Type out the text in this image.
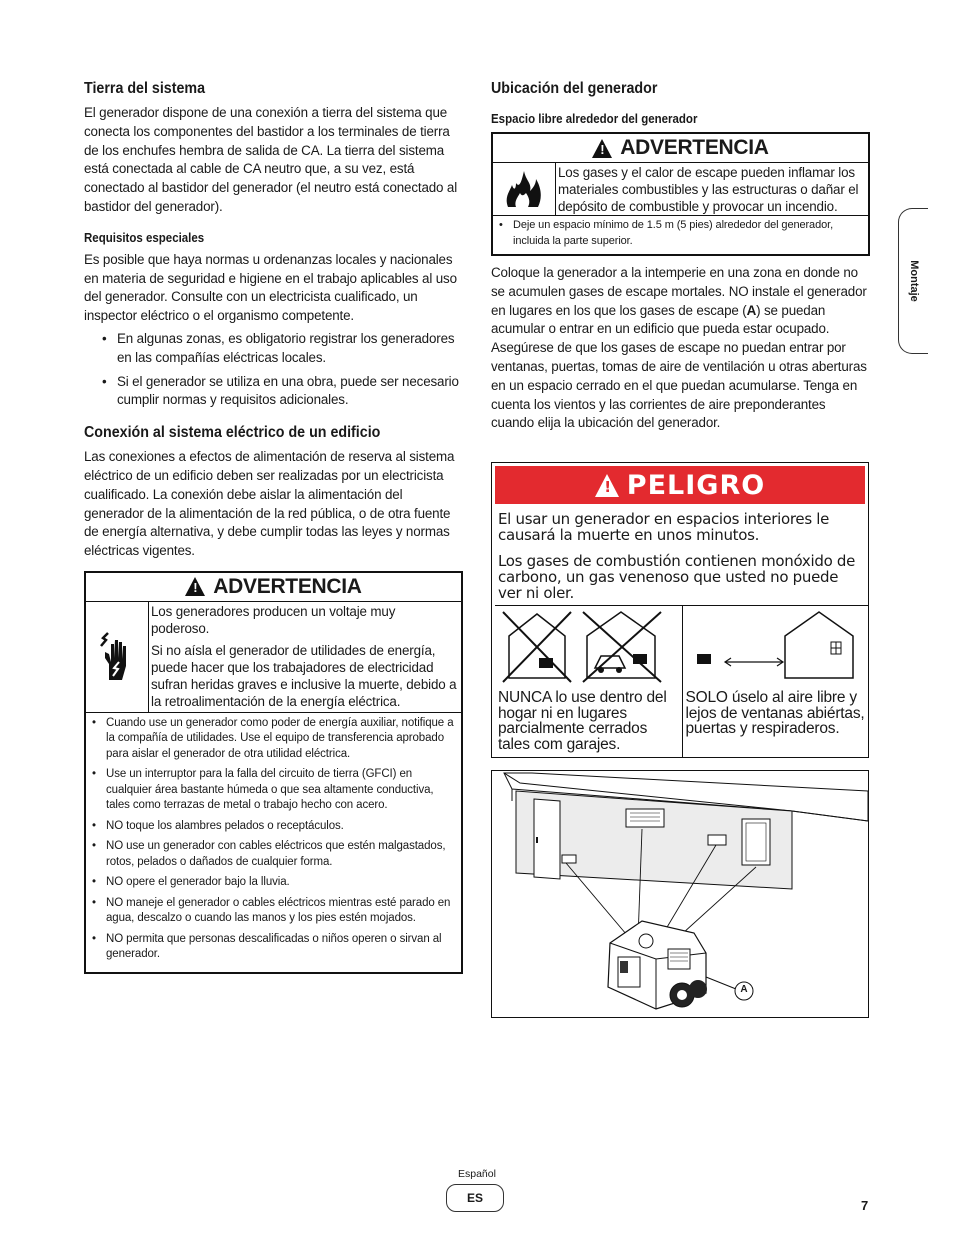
Tierra del sistema

El generador dispone de una conexión a tierra del sistema que conecta los componentes del bastidor a los terminales de tierra de los enchufes hembra de salida de CA. La tierra del sistema está conectada al cable de CA neutro que, a su vez, está conectado al bastidor del generador (el neutro está conectado al bastidor del generador).

Requisitos especiales

Es posible que haya normas u ordenanzas locales y nacionales en materia de seguridad e higiene en el trabajo aplicables al uso del generador. Consulte con un electricista cualificado, un inspector eléctrico o el organismo competente.

• En algunas zonas, es obligatorio registrar los generadores en las compañías eléctricas locales.
• Si el generador se utiliza en una obra, puede ser necesario cumplir normas y requisitos adicionales.
Conexión al sistema eléctrico de un edificio

Las conexiones a efectos de alimentación de reserva al sistema eléctrico de un edificio deben ser realizadas por un electricista cualificado. La conexión debe aislar la alimentación del generador de la alimentación de la red pública, o de otra fuente de energía alternativa, y debe cumplir todas las leyes y normas eléctricas vigentes.

! ADVERTENCIA
Los generadores producen un voltaje muy poderoso.
Si no aísla el generador de utilidades de energía, puede hacer que los trabajadores de electricidad sufran heridas graves e inclusive la muerte, debido a la retroalimentación de la energía eléctrica.
• Cuando use un generador como poder de energía auxiliar, notifique a la compañía de utilidades. Use el equipo de transferencia aprobado para aislar el generador de otra utilidad eléctrica.
• Use un interruptor para la falla del circuito de tierra (GFCI) en cualquier área bastante húmeda o que sea altamente conductiva, tales como terrazas de metal o trabajo hecho con acero.
• NO toque los alambres pelados o receptáculos.
• NO use un generador con cables eléctricos que estén malgastados, rotos, pelados o dañados de cualquier forma.
• NO opere el generador bajo la lluvia.
• NO maneje el generador o cables eléctricos mientras esté parado en agua, descalzo o cuando las manos y los pies estén mojados.
• NO permita que personas descalificadas o niños operen o sirvan al generador.
Ubicación del generador
Espacio libre alrededor del generador
! ADVERTENCIA
Los gases y el calor de escape pueden inflamar los materiales combustibles y las estructuras o dañar el depósito de combustible y provocar un incendio.
• Deje un espacio mínimo de 1.5 m (5 pies) alrededor del generador, incluida la parte superior.

Coloque la generador a la intemperie en una zona en donde no se acumulen gases de escape mortales. NO instale el generador en lugares en los que los gases de escape (A) se puedan acumular o entrar en un edificio que pueda estar ocupado. Asegúrese de que los gases de escape no puedan entrar por ventanas, puertas, tomas de aire de ventilación u otras aberturas en un espacio cerrado en el que puedan acumularse. Tenga en cuenta los vientos y las corrientes de aire preponderantes cuando elija la ubicación del generador.

! PELIGRO

El usar un generador en espacios interiores le causará la muerte en unos minutos.

Los gases de combustión contienen monóxido de carbono, un gas venenoso que usted no puede ver ni oler.

NUNCA lo use dentro del hogar ni en lugares parcialmente cerrados tales com garajes.
SOLO úselo al aire libre y lejos de ventanas abiértas, puertas y respiraderos.
A
Montaje
Español
ES	7
